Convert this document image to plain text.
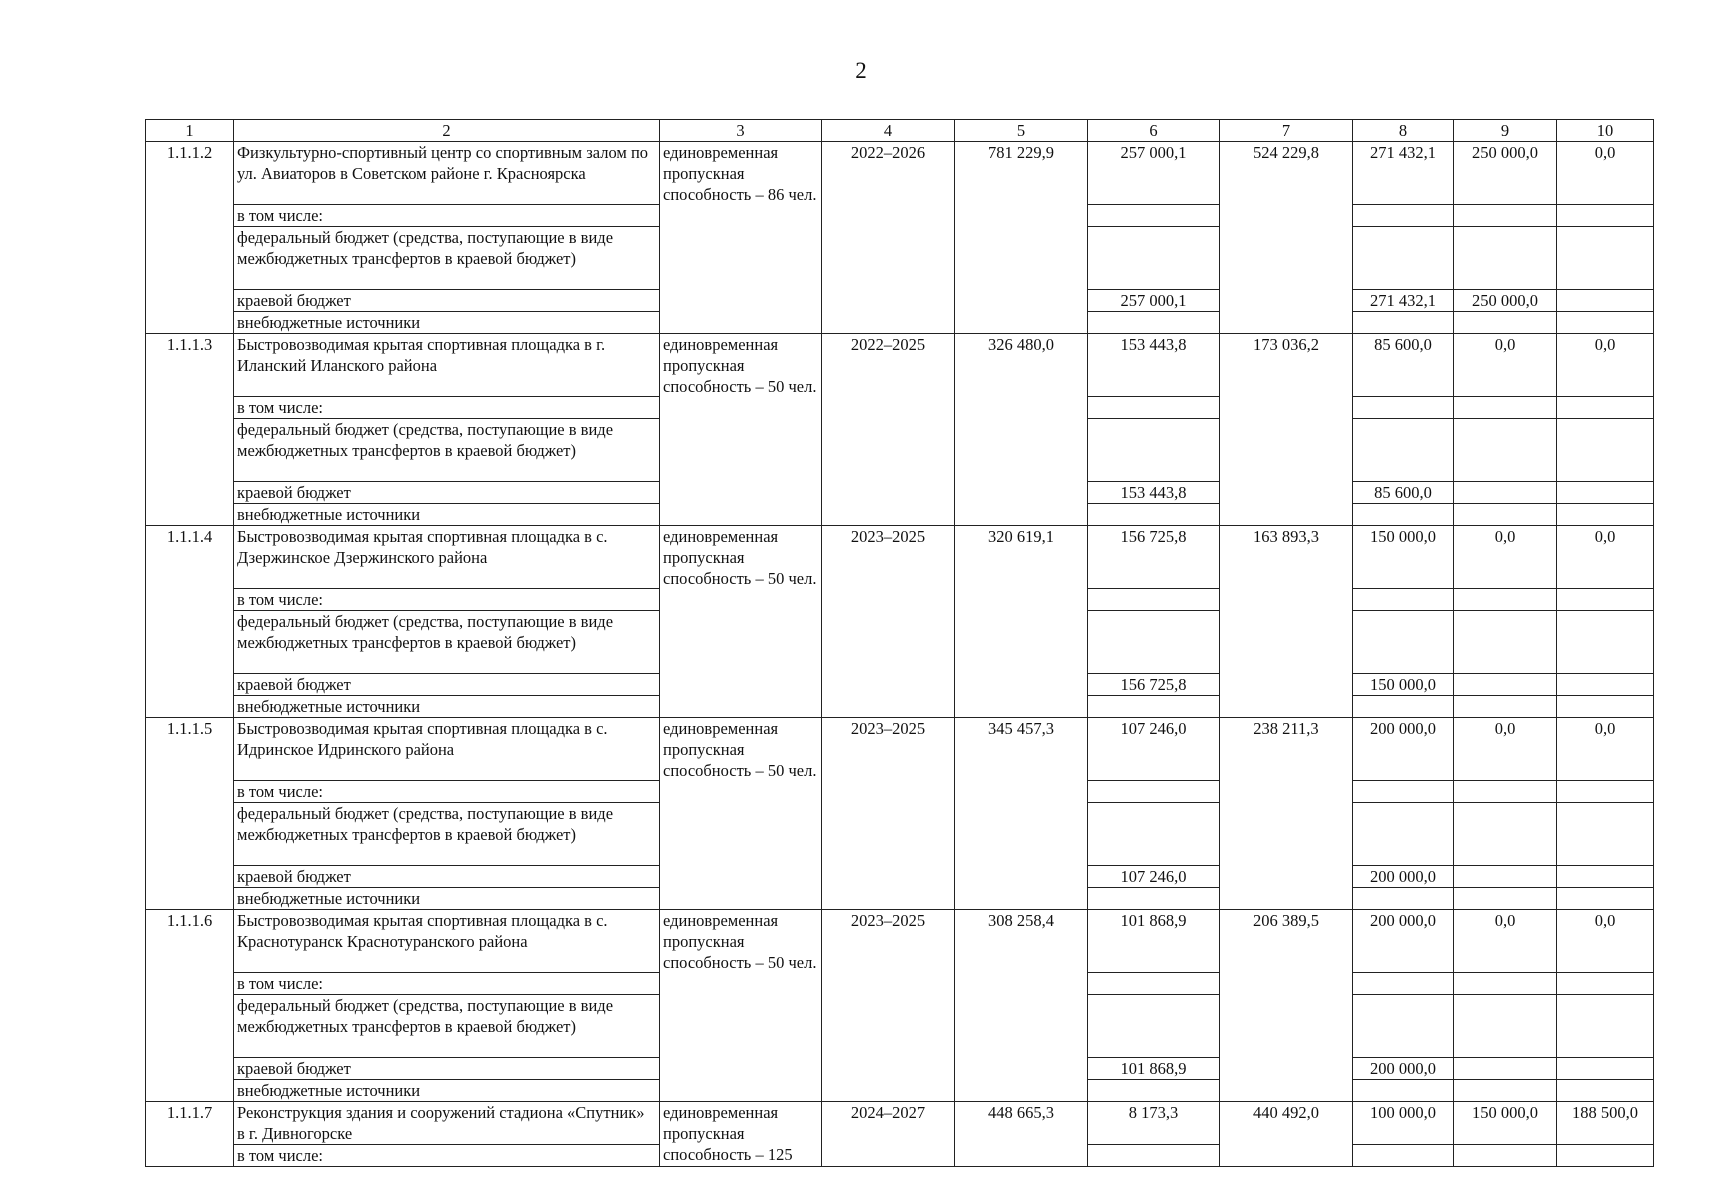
2
1	2	3	4	5	6	7	8	9	10
1.1.1.2	Физкультурно-спортивный центр со спортивным залом по ул. Авиаторов в Советском районе г. Красноярска	единовременная пропускная способность – 86 чел.	2022–2026	781 229,9	257 000,1	524 229,8	271 432,1	250 000,0	0,0
	в том числе:								
	федеральный бюджет (средства, поступающие в виде межбюджетных трансфертов в краевой бюджет)								
	краевой бюджет				257 000,1		271 432,1	250 000,0	
	внебюджетные источники								
1.1.1.3	Быстровозводимая крытая спортивная площадка в г. Иланский Иланского района	единовременная пропускная способность – 50 чел.	2022–2025	326 480,0	153 443,8	173 036,2	85 600,0	0,0	0,0
	в том числе:								
	федеральный бюджет (средства, поступающие в виде межбюджетных трансфертов в краевой бюджет)								
	краевой бюджет				153 443,8		85 600,0		
	внебюджетные источники								
1.1.1.4	Быстровозводимая крытая спортивная площадка в с. Дзержинское Дзержинского района	единовременная пропускная способность – 50 чел.	2023–2025	320 619,1	156 725,8	163 893,3	150 000,0	0,0	0,0
	в том числе:								
	федеральный бюджет (средства, поступающие в виде межбюджетных трансфертов в краевой бюджет)								
	краевой бюджет				156 725,8		150 000,0		
	внебюджетные источники								
1.1.1.5	Быстровозводимая крытая спортивная площадка в с. Идринское Идринского района	единовременная пропускная способность – 50 чел.	2023–2025	345 457,3	107 246,0	238 211,3	200 000,0	0,0	0,0
	в том числе:								
	федеральный бюджет (средства, поступающие в виде межбюджетных трансфертов в краевой бюджет)								
	краевой бюджет				107 246,0		200 000,0		
	внебюджетные источники								
1.1.1.6	Быстровозводимая крытая спортивная площадка в с. Краснотуранск Краснотуранского района	единовременная пропускная способность – 50 чел.	2023–2025	308 258,4	101 868,9	206 389,5	200 000,0	0,0	0,0
	в том числе:								
	федеральный бюджет (средства, поступающие в виде межбюджетных трансфертов в краевой бюджет)								
	краевой бюджет				101 868,9		200 000,0		
	внебюджетные источники								
1.1.1.7	Реконструкция здания и сооружений стадиона «Спутник» в г. Дивногорске	единовременная пропускная способность – 125	2024–2027	448 665,3	8 173,3	440 492,0	100 000,0	150 000,0	188 500,0
	в том числе:								
